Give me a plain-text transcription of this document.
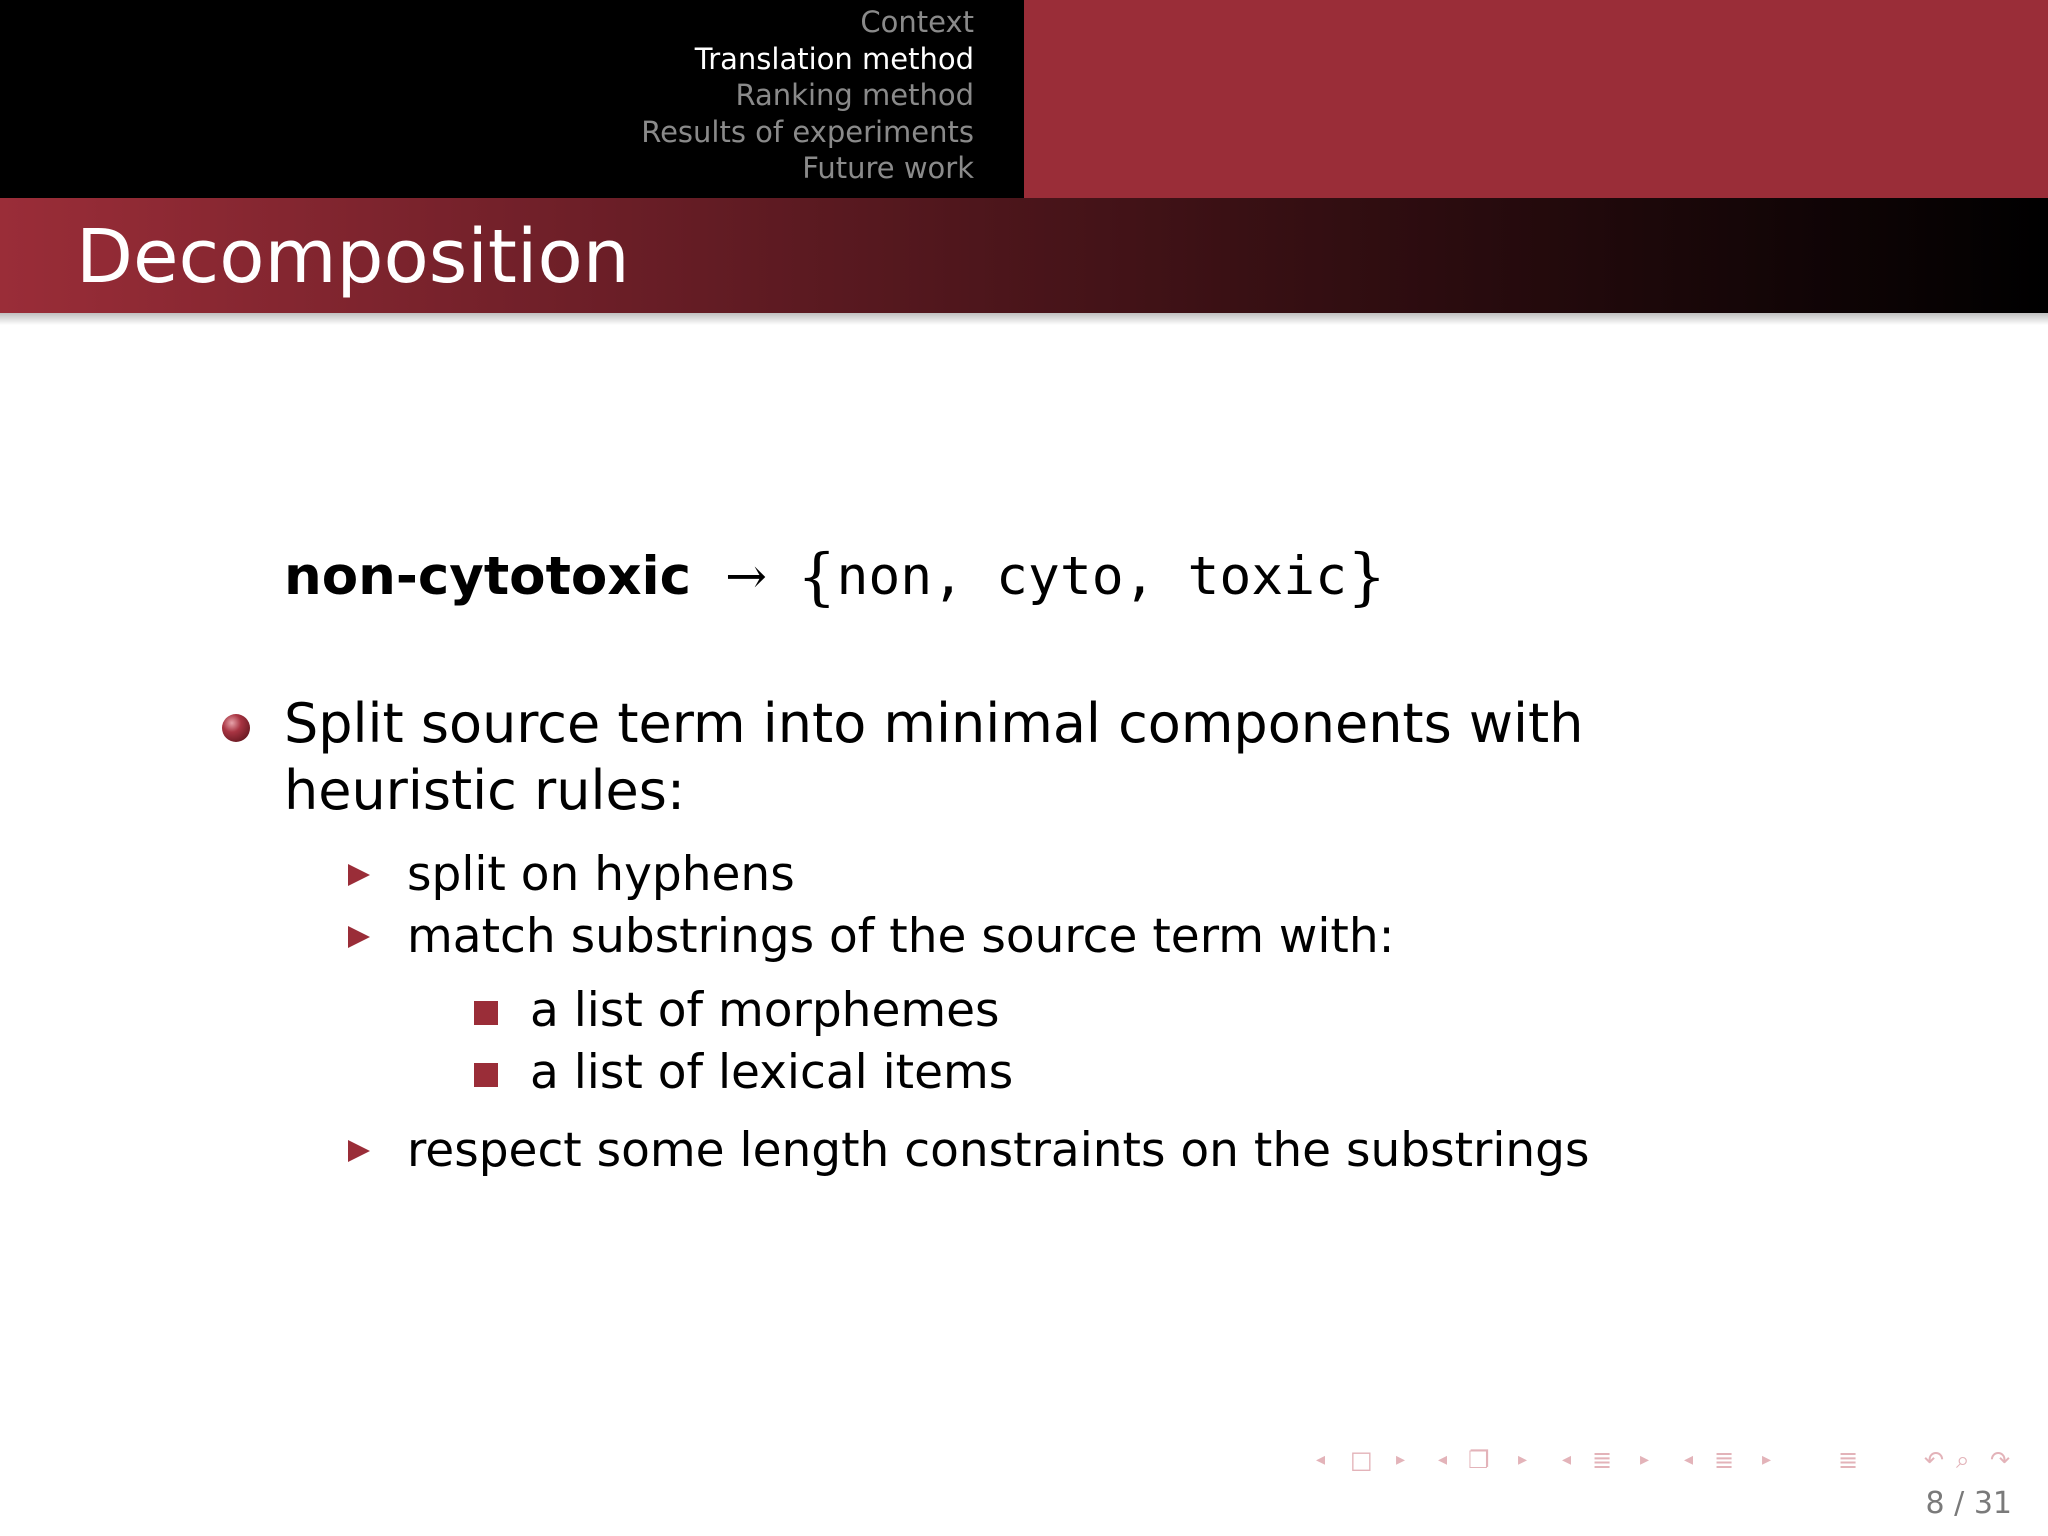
Context
Translation method
Ranking method
Results of experiments
Future work
Decomposition
non-cytotoxic → { non, cyto, toxic }
Split source term into minimal components with heuristic rules:
split on hyphens
match substrings of the source term with:
a list of morphemes
a list of lexical items
respect some length constraints on the substrings
◂ □ ▸ ◂ ❐ ▸ ◂ ≣ ▸ ◂ ≣ ▸	≣	↶ ⌕ ↷
8 / 31
